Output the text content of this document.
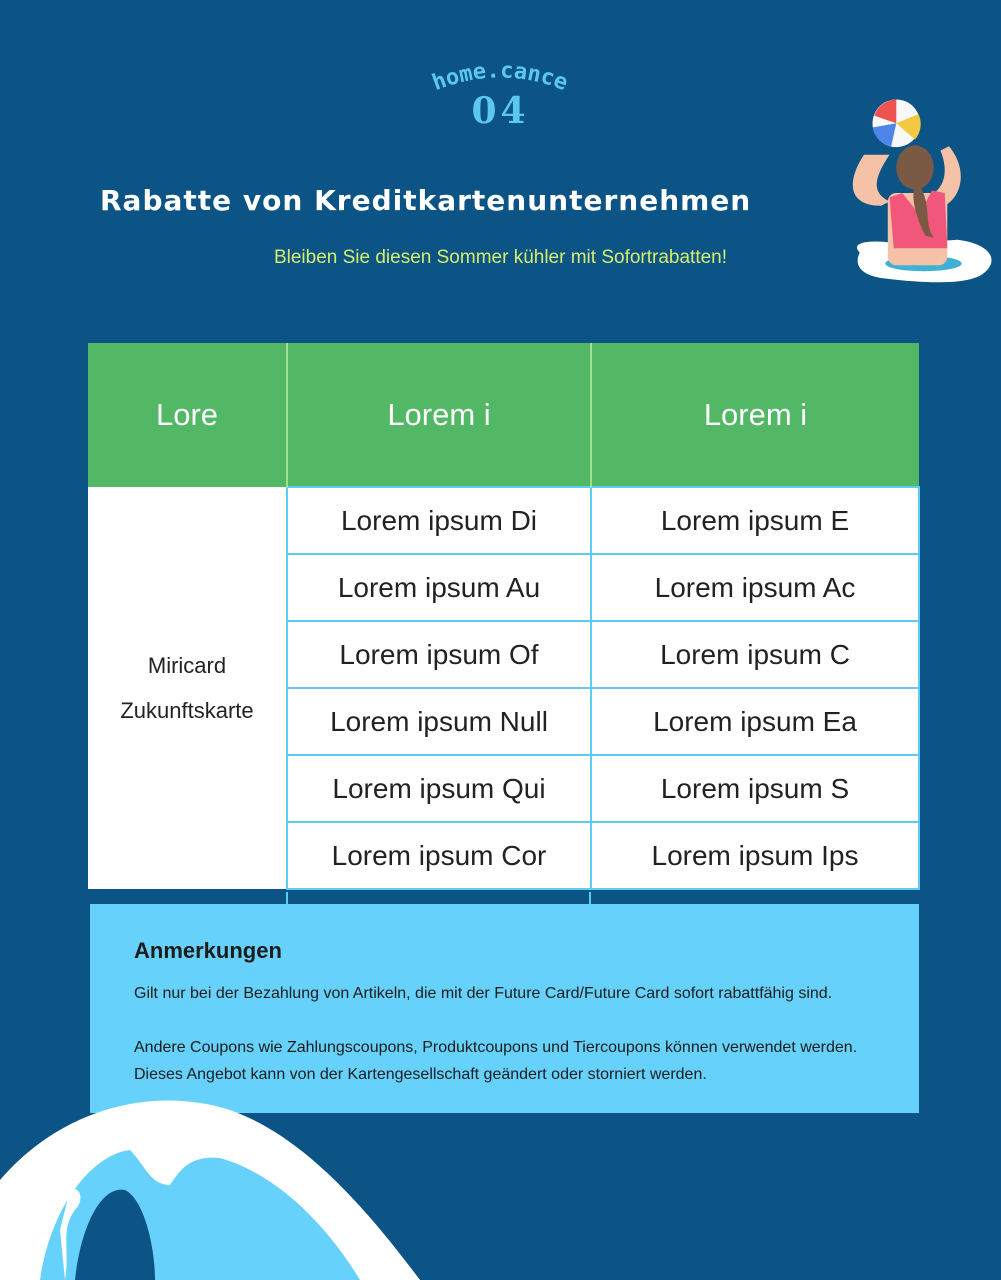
home.cance
04
Rabatte von Kreditkartenunternehmen
Bleiben Sie diesen Sommer kühler mit Sofortrabatten!
Lore	Lorem i	Lorem i

Miricard
Zukunftskarte	Lorem ipsum Di	Lorem ipsum E
	Lorem ipsum Au	Lorem ipsum Ac
	Lorem ipsum Of	Lorem ipsum C
	Lorem ipsum Null	Lorem ipsum Ea
	Lorem ipsum Qui	Lorem ipsum S
	Lorem ipsum Cor	Lorem ipsum Ips
Anmerkungen

Gilt nur bei der Bezahlung von Artikeln, die mit der Future Card/Future Card sofort rabattfähig sind.

Andere Coupons wie Zahlungscoupons, Produktcoupons und Tiercoupons können verwendet werden.

Dieses Angebot kann von der Kartengesellschaft geändert oder storniert werden.
